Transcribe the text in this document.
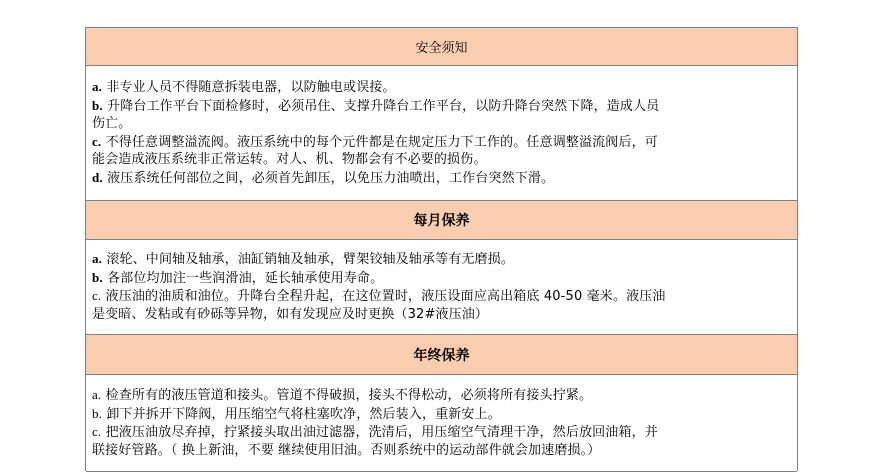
安全须知
a. 非专业人员不得随意拆装电器，以防触电或误接。
b. 升降台工作平台下面检修时，必须吊住、支撑升降台工作平台，以防升降台突然下降，造成人员
伤亡。
c. 不得任意调整溢流阀。液压系统中的每个元件都是在规定压力下工作的。任意调整溢流阀后，可
能会造成液压系统非正常运转。对人、机、物都会有不必要的损伤。
d. 液压系统任何部位之间，必须首先卸压，以免压力油喷出，工作台突然下滑。
每月保养
a. 滚轮、中间轴及轴承，油缸销轴及轴承，臂架铰轴及轴承等有无磨损。
b. 各部位均加注一些润滑油，延长轴承使用寿命。
c. 液压油的油质和油位。升降台全程升起，在这位置时，液压设面应高出箱底 40-50 毫米。液压油
是变暗、发粘或有砂砾等异物，如有发现应及时更换（32#液压油）
年终保养
a. 检查所有的液压管道和接头。管道不得破损，接头不得松动，必须将所有接头拧紧。
b. 卸下并拆开下降阀，用压缩空气将柱塞吹净，然后装入，重新安上。
c. 把液压油放尽弃掉，拧紧接头取出油过滤器，洗清后，用压缩空气清理干净，然后放回油箱，并
联接好管路。（ 换上新油，不要 继续使用旧油。否则系统中的运动部件就会加速磨损。）
